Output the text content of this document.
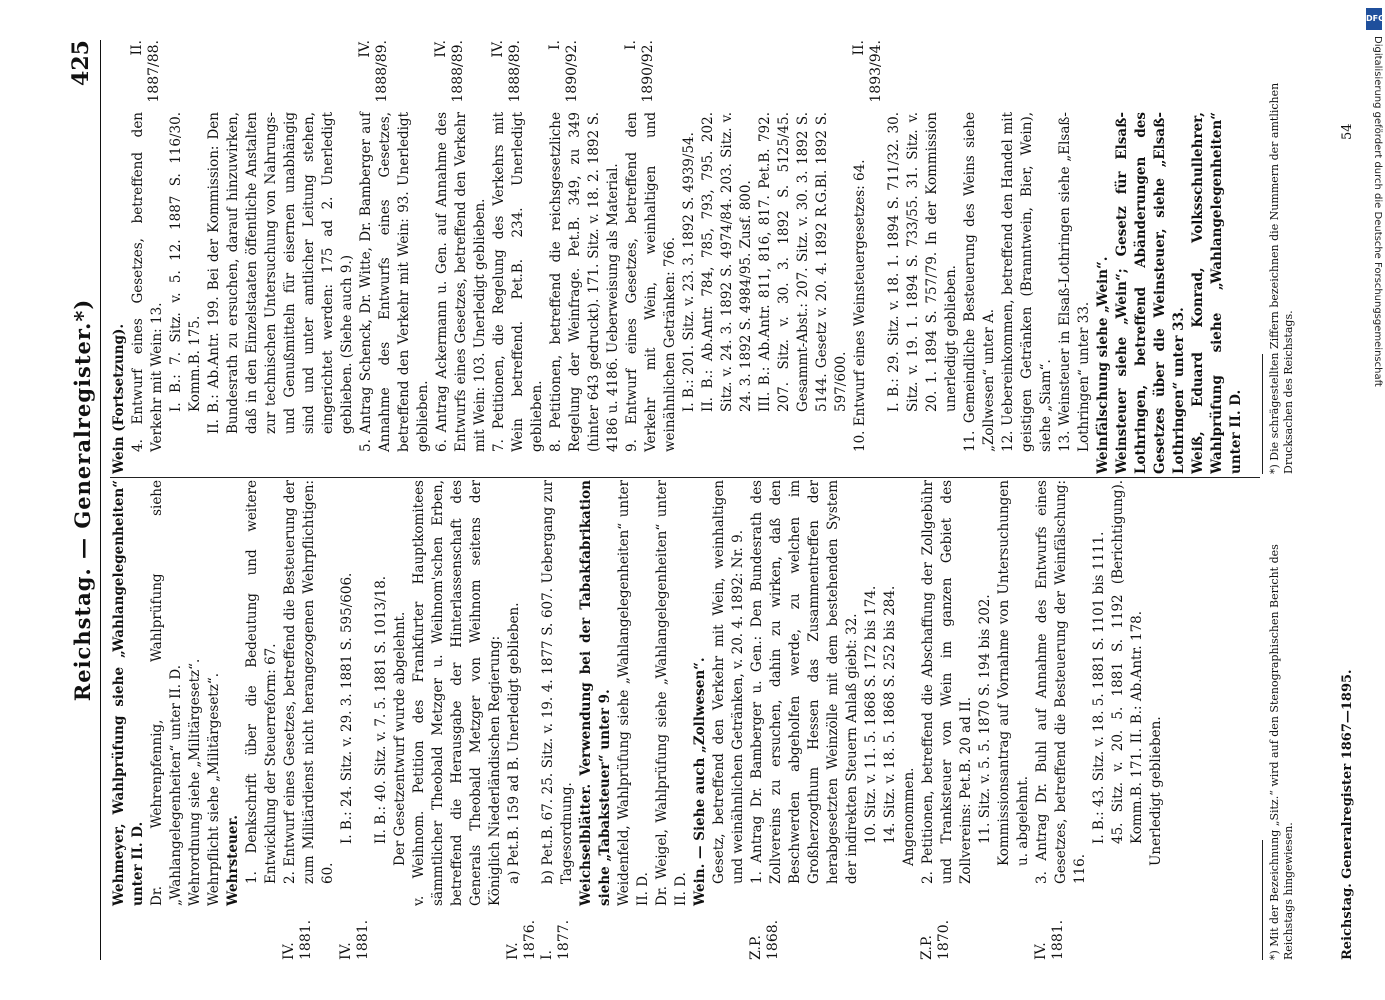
Reichstag. — Generalregister.*)
425
Wehmeyer, Wahlprüfung siehe „Wahlangelegenheiten“ unter II. D. Dr. Wehrenpfennig, Wahlprüfung siehe „Wahlangelegenheiten“ unter II. D. Wehrordnung siehe „Militärgesetz“. Wehrpflicht siehe „Militärgesetz“. Wehrsteuer. 1. Denkschrift über die Bedeutung und weitere Entwicklung der Steuerreform: 67.
IV. 1881.
2. Entwurf eines Gesetzes, betreffend die Besteuerung der zum Militärdienst nicht herangezogenen Wehrpflichtigen: 60.
IV. 1881.
I. B.: 24. Sitz. v. 29. 3. 1881 S. 595/606. II. B.: 40. Sitz. v. 7. 5. 1881 S. 1013/18. Der Gesetzentwurf wurde abgelehnt. v. Weihnom. Petition des Frankfurter Hauptkomitees sämmtlicher Theobald Metzger u. Weihnom'schen Erben, betreffend die Herausgabe der Hinterlassenschaft des Generals Theobald Metzger von Weihnom seitens der Königlich Niederländischen Regierung:
IV. 1876.
a) Pet.B. 159 ad B. Unerledigt geblieben.
I. 1877.
b) Pet.B. 67. 25. Sitz. v. 19. 4. 1877 S. 607. Uebergang zur Tagesordnung. Weichselblätter. Verwendung bei der Tabakfabrikation siehe „Tabaksteuer“ unter 9. Weidenfeld, Wahlprüfung siehe „Wahlangelegenheiten“ unter II. D. Dr. Weigel, Wahlprüfung siehe „Wahlangelegenheiten“ unter II. D. Wein. — Siehe auch „Zollwesen“. Gesetz, betreffend den Verkehr mit Wein, weinhaltigen und weinähnlichen Getränken, v. 20. 4. 1892: Nr. 9.
Z.P. 1868.
1. Antrag Dr. Bamberger u. Gen.: Den Bundesrath des Zollvereins zu ersuchen, dahin zu wirken, daß den Beschwerden abgeholfen werde, zu welchen im Großherzogthum Hessen das Zusammentreffen der herabgesetzten Weinzölle mit dem bestehenden System der indirekten Steuern Anlaß giebt: 32. 10. Sitz. v. 11. 5. 1868 S. 172 bis 174. 14. Sitz. v. 18. 5. 1868 S. 252 bis 284. Angenommen.
Z.P. 1870.
2. Petitionen, betreffend die Abschaffung der Zollgebühr und Tranksteuer von Wein im ganzen Gebiet des Zollvereins: Pet.B. 20 ad II. 11. Sitz. v. 5. 5. 1870 S. 194 bis 202. Kommissionsantrag auf Vornahme von Untersuchungen u. abgelehnt.
IV. 1881.
3. Antrag Dr. Buhl auf Annahme des Entwurfs eines Gesetzes, betreffend die Besteuerung der Weinfälschung: 116.
I. B.: 43. Sitz. v. 18. 5. 1881 S. 1101 bis 1111. 45. Sitz. v. 20. 5. 1881 S. 1192 (Berichtigung). Komm.B. 171. II. B.: Ab.Antr. 178. Unerledigt geblieben.
Wein (Fortsetzung). 4. Entwurf eines Gesetzes, betreffend den Verkehr mit Wein: 13.
II. 1887/88.
I. B.: 7. Sitz. v. 5. 12. 1887 S. 116/30. Komm.B. 175. II. B.: Ab.Antr. 199. Bei der Kommission: Den Bundesrath zu ersuchen, darauf hinzuwirken, daß in den Einzelstaaten öffentliche Anstalten zur technischen Untersuchung von Nahrungs- und Genußmitteln für eisernen unabhängig sind und unter amtlicher Leitung stehen, eingerichtet werden: 175 ad 2. Unerledigt geblieben. (Siehe auch 9.) 5. Antrag Schenck, Dr. Witte, Dr. Bamberger auf Annahme des Entwurfs eines Gesetzes, betreffend den Verkehr mit Wein: 93. Unerledigt geblieben.
IV. 1888/89.
6. Antrag Ackermann u. Gen. auf Annahme des Entwurfs eines Gesetzes, betreffend den Verkehr mit Wein: 103. Unerledigt geblieben.
IV. 1888/89.
7. Petitionen, die Regelung des Verkehrs mit Wein betreffend. Pet.B. 234. Unerledigt geblieben.
IV. 1888/89.
8. Petitionen, betreffend die reichsgesetzliche Regelung der Weinfrage. Pet.B. 349, zu 349 (hinter 643 gedruckt). 171. Sitz. v. 18. 2. 1892 S. 4186 u. 4186. Ueberweisung als Material.
I. 1890/92.
9. Entwurf eines Gesetzes, betreffend den Verkehr mit Wein, weinhaltigen und weinähnlichen Getränken: 766.
I. 1890/92.
I. B.: 201. Sitz. v. 23. 3. 1892 S. 4939/54. II. B.: Ab.Antr. 784, 785, 793, 795. 202. Sitz. v. 24. 3. 1892 S. 4974/84. 203. Sitz. v. 24. 3. 1892 S. 4984/95. Zusf. 800. III. B.: Ab.Antr. 811, 816, 817. Pet.B. 792. 207. Sitz. v. 30. 3. 1892 S. 5125/45. Gesammt-Abst.: 207. Sitz. v. 30. 3. 1892 S. 5144. Gesetz v. 20. 4. 1892 R.G.Bl. 1892 S. 597/600. 10. Entwurf eines Weinsteuergesetzes: 64.
II. 1893/94.
I. B.: 29. Sitz. v. 18. 1. 1894 S. 711/32. 30. Sitz. v. 19. 1. 1894 S. 733/55. 31. Sitz. v. 20. 1. 1894 S. 757/79. In der Kommission unerledigt geblieben. 11. Gemeindliche Besteuerung des Weins siehe „Zollwesen“ unter A. 12. Uebereinkommen, betreffend den Handel mit geistigen Getränken (Branntwein, Bier, Wein), siehe „Siam“. 13. Weinsteuer in Elsaß-Lothringen siehe „Elsaß-Lothringen“ unter 33. Weinfälschung siehe „Wein“. Weinsteuer siehe „Wein“; Gesetz für Elsaß-Lothringen, betreffend Abänderungen des Gesetzes über die Weinsteuer, siehe „Elsaß-Lothringen“ unter 33. Weiß, Eduard Konrad, Volksschullehrer, Wahlprüfung siehe „Wahlangelegenheiten“ unter II. D.
*) Mit der Bezeichnung „Sitz.“ wird auf den Stenographischen Bericht des Reichstags hingewiesen.
*) Die schrägestellten Ziffern bezeichnen die Nummern der amtlichen Drucksachen des Reichstags.
Reichstag. Generalregister 1867—1895.
54
DFG
Digitalisierung gefördert durch die Deutsche Forschungsgemeinschaft
